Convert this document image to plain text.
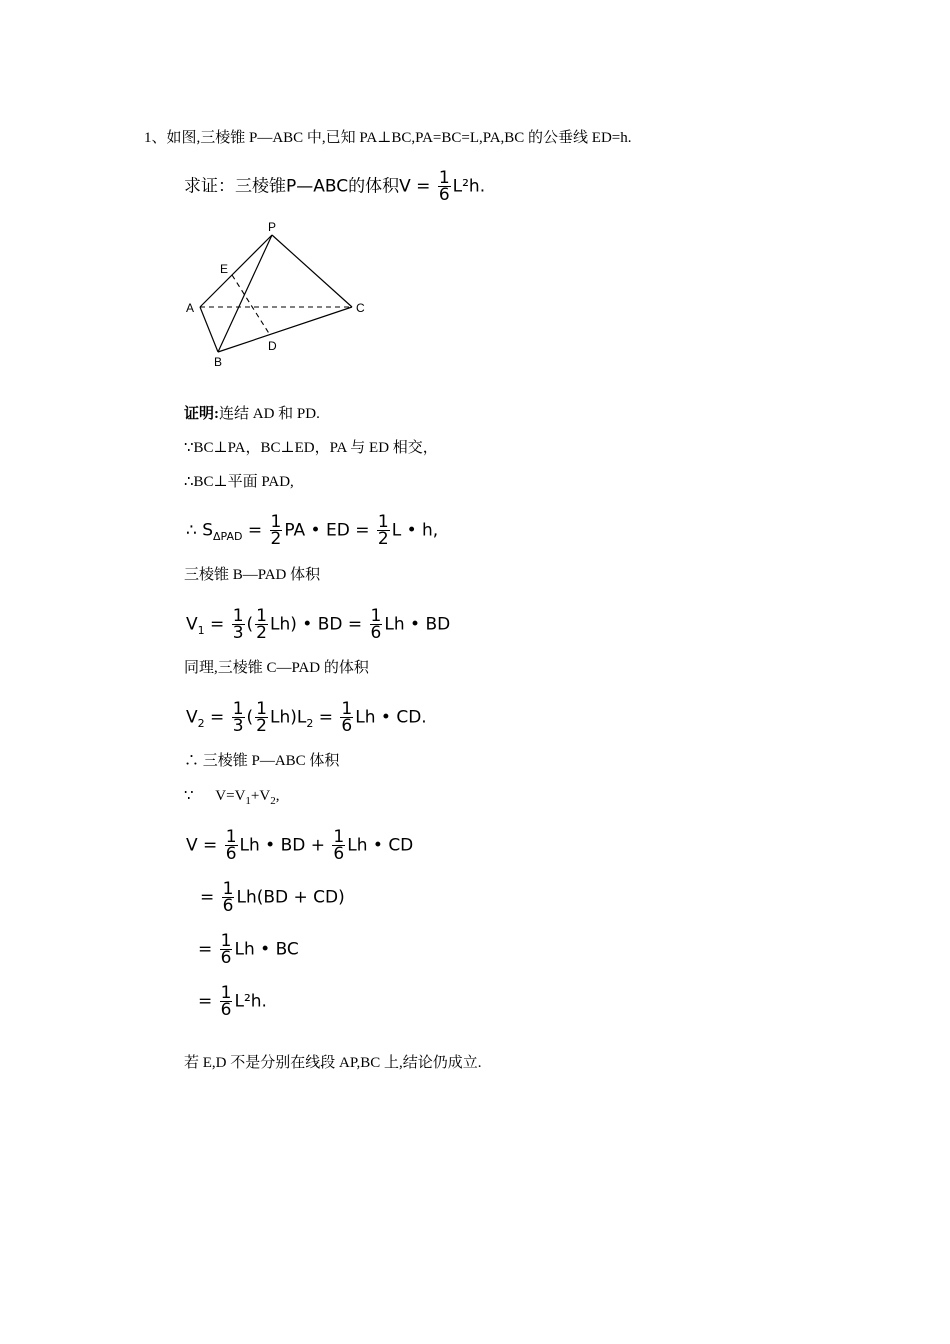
1、如图,三棱锥 P—ABC 中,已知 PA⊥BC,PA=BC=L,PA,BC 的公垂线 ED=h.
求证：三棱锥P—ABC的体积$V = \frac{1}{6} L^2h$.
P
E
A	C
B
D
证明:连结 AD 和 PD.
∵BC⊥PA，BC⊥ED，PA 与 ED 相交，
∴BC⊥平面 PAD,
∴ $S_{\Delta PAD} = \frac{1}{2}$ PA • ED = $\frac{1}{2}$ L • h,
三棱锥 B—PAD 体积
$V_1 = \frac{1}{3}$ ( $\frac{1}{2} Lh$) • BD = $\frac{1}{6}$ Lh • BD
同理,三棱锥 C—PAD 的体积
$V_2 = \frac{1}{3}$ ( $\frac{1}{2} Lh)L_2 = \frac{1}{6}$ Lh • CD.
∴ 三棱锥 P—ABC 体积
∵ $V=V_1+V_2$,
$V = \frac{1}{6}$ Lh • BD + $\frac{1}{6}$ Lh • CD
= $\frac{1}{6} Lh(BD + CD)$
= $\frac{1}{6}$ Lh • BC
= $\frac{1}{6} L^2h$.
若 E,D 不是分别在线段 AP,BC 上,结论仍成立.
